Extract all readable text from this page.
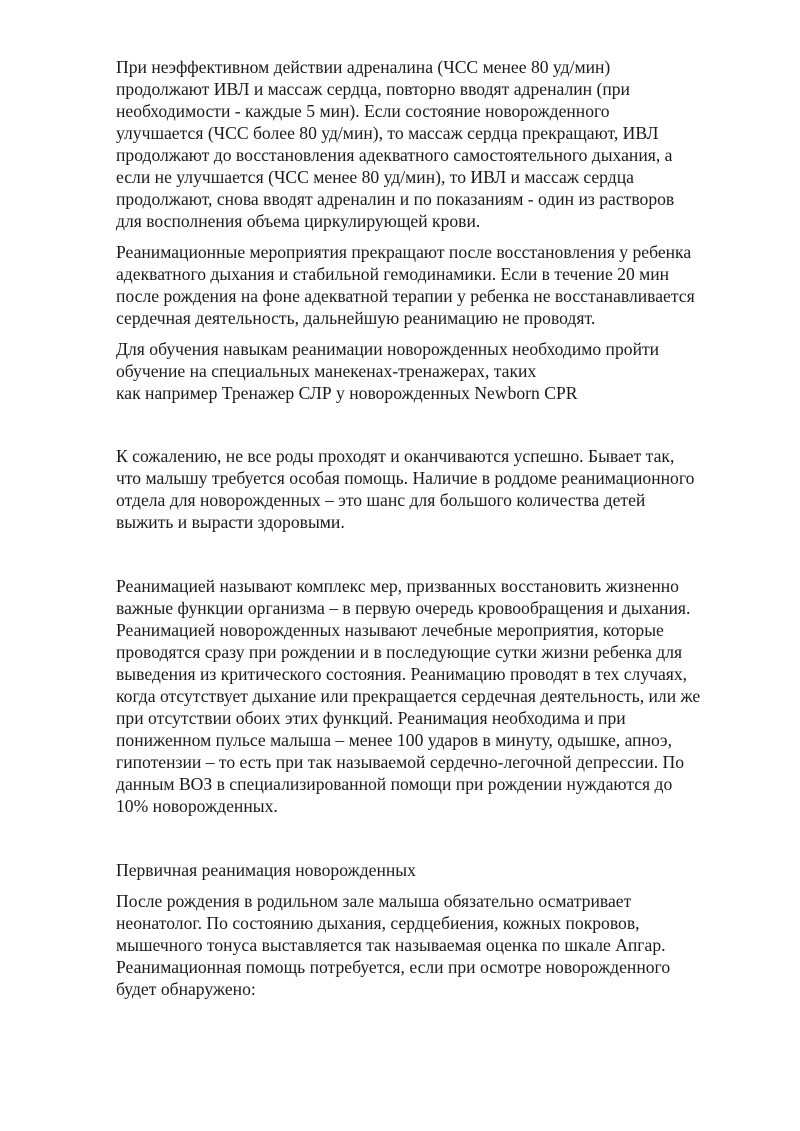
При неэффективном действии адреналина (ЧСС менее 80 уд/мин)
продолжают ИВЛ и массаж сердца, повторно вводят адреналин (при
необходимости - каждые 5 мин). Если состояние новорожденного
улучшается (ЧСС более 80 уд/мин), то массаж сердца прекращают, ИВЛ
продолжают до восстановления адекватного самостоятельного дыхания, а
если не улучшается (ЧСС менее 80 уд/мин), то ИВЛ и массаж сердца
продолжают, снова вводят адреналин и по показаниям - один из растворов
для восполнения объема циркулирующей крови.

Реанимационные мероприятия прекращают после восстановления у ребенка
адекватного дыхания и стабильной гемодинамики. Если в течение 20 мин
после рождения на фоне адекватной терапии у ребенка не восстанавливается
сердечная деятельность, дальнейшую реанимацию не проводят.

Для обучения навыкам реанимации новорожденных необходимо пройти
обучение на специальных манекенах-тренажерах, таких
как например Тренажер СЛР у новорожденных Newborn CPR

К сожалению, не все роды проходят и оканчиваются успешно. Бывает так,
что малышу требуется особая помощь. Наличие в роддоме реанимационного
отдела для новорожденных – это шанс для большого количества детей
выжить и вырасти здоровыми.

Реанимацией называют комплекс мер, призванных восстановить жизненно
важные функции организма – в первую очередь кровообращения и дыхания.
Реанимацией новорожденных называют лечебные мероприятия, которые
проводятся сразу при рождении и в последующие сутки жизни ребенка для
выведения из критического состояния. Реанимацию проводят в тех случаях,
когда отсутствует дыхание или прекращается сердечная деятельность, или же
при отсутствии обоих этих функций. Реанимация необходима и при
пониженном пульсе малыша – менее 100 ударов в минуту, одышке, апноэ,
гипотензии – то есть при так называемой сердечно-легочной депрессии. По
данным ВОЗ в специализированной помощи при рождении нуждаются до
10% новорожденных.

Первичная реанимация новорожденных

После рождения в родильном зале малыша обязательно осматривает
неонатолог. По состоянию дыхания, сердцебиения, кожных покровов,
мышечного тонуса выставляется так называемая оценка по шкале Апгар.
Реанимационная помощь потребуется, если при осмотре новорожденного
будет обнаружено:
